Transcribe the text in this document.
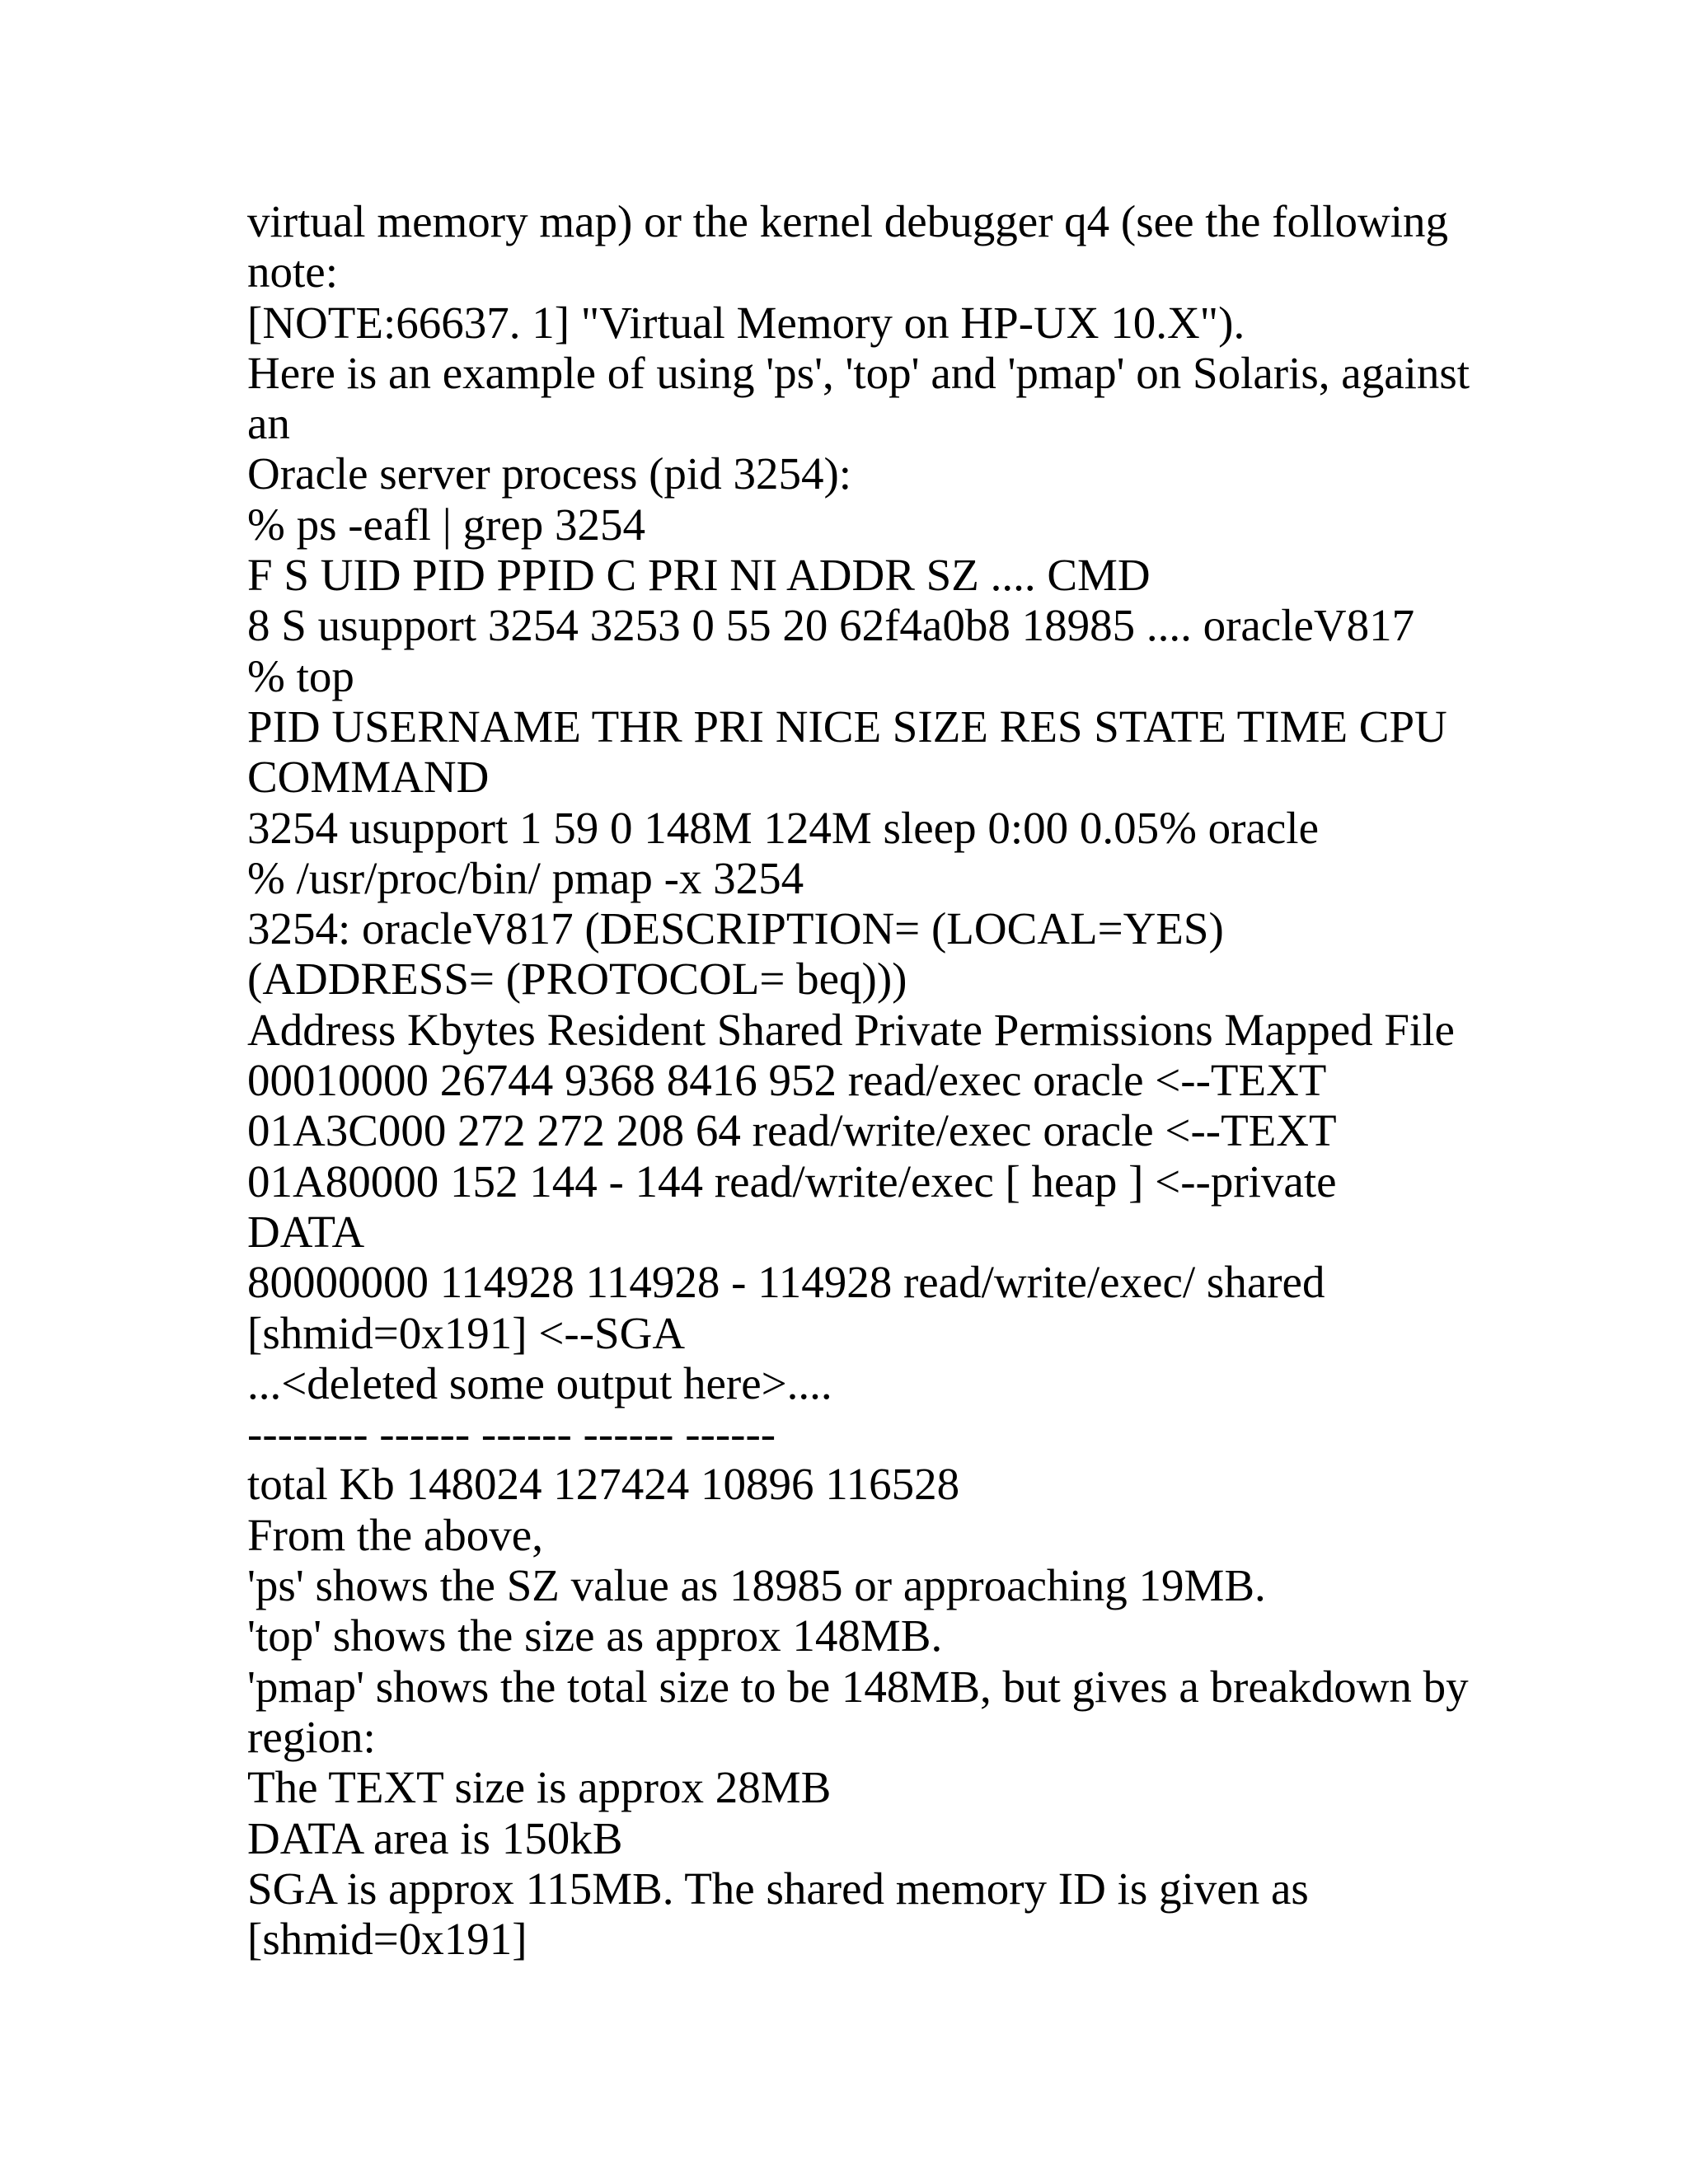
virtual memory map) or the kernel debugger q4 (see the following

note:

[NOTE:66637. 1] "Virtual Memory on HP-UX 10.X").

Here is an example of using 'ps', 'top' and 'pmap' on Solaris, against

an

Oracle server process (pid 3254):

% ps -eafl | grep 3254

F S UID PID PPID C PRI NI ADDR SZ .... CMD

8 S usupport 3254 3253 0 55 20 62f4a0b8 18985 .... oracleV817

% top

PID USERNAME THR PRI NICE SIZE RES STATE TIME CPU

COMMAND

3254 usupport 1 59 0 148M 124M sleep 0:00 0.05% oracle

% /usr/proc/bin/ pmap -x 3254

3254: oracleV817 (DESCRIPTION= (LOCAL=YES)

(ADDRESS= (PROTOCOL= beq)))

Address Kbytes Resident Shared Private Permissions Mapped File

00010000 26744 9368 8416 952 read/exec oracle <--TEXT

01A3C000 272 272 208 64 read/write/exec oracle <--TEXT

01A80000 152 144 - 144 read/write/exec [ heap ] <--private

DATA

80000000 114928 114928 - 114928 read/write/exec/ shared

[shmid=0x191] <--SGA

...<deleted some output here>....

-------- ------ ------ ------ ------

total Kb 148024 127424 10896 116528

From the above,

'ps' shows the SZ value as 18985 or approaching 19MB.

'top' shows the size as approx 148MB.

'pmap' shows the total size to be 148MB, but gives a breakdown by

region:

The TEXT size is approx 28MB

DATA area is 150kB

SGA is approx 115MB. The shared memory ID is given as

[shmid=0x191]
